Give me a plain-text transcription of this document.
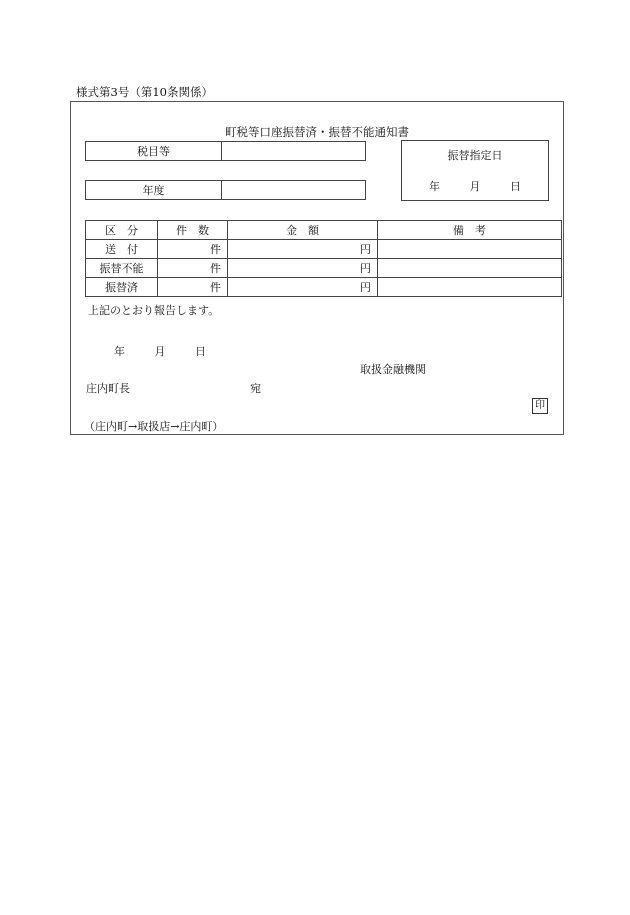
様式第3号（第10条関係）
町税等口座振替済・振替不能通知書
税目等	
年度	
振替指定日
年	月	日
区　分	件　数	金　額	備　考
送　付	件	円	
振替不能	件	円	
振替済	件	円	
上記のとおり報告します。
年	月	日
取扱金融機関
庄内町長	宛
印
（庄内町→取扱店→庄内町）
